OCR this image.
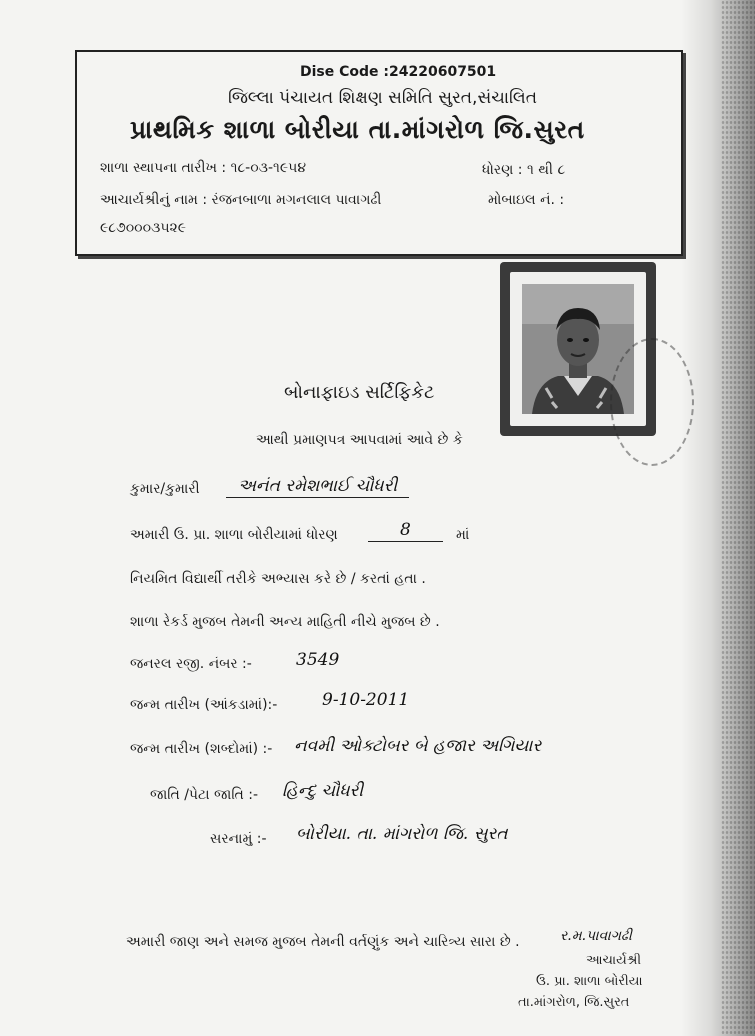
Dise Code :24220607501
જિલ્લા પંચાયત શિક્ષણ સમિતિ સુરત,સંચાલિત
પ્રાથમિક શાળા બોરીયા તા.માંગરોળ જિ.સુરત
શાળા સ્થાપના તારીખ : ૧૮-૦૩-૧૯૫૪	ધોરણ : ૧ થી ૮
આચાર્યશ્રીનું નામ : રંજનબાળા મગનલાલ પાવાગઢી	મોબાઇલ નં. :
૯૮૭૦૦૦૩૫૨૯
બોનાફાઇડ સર્ટિફિકેટ
આથી પ્રમાણપત્ર આપવામાં આવે છે કે
કુમાર/કુમારી	અનંત રમેશભાઈ ચૌધરી
અમારી ઉ. પ્રા. શાળા બોરીયામાં ધોરણ	8	માં
નિયમિત વિદ્યાર્થી તરીકે અભ્યાસ કરે છે / કરતાં હતા .
શાળા રેકર્ડ મુજબ તેમની અન્ય માહિતી નીચે મુજબ છે .
જનરલ રજી. નંબર :-	3549
જન્મ તારીખ (આંકડામાં):-	9-10-2011
જન્મ તારીખ (શબ્દોમાં) :- નવમી ઓક્ટોબર બે હજાર અગિયાર
જાતિ /પેટા જાતિ :- હિન્દુ ચૌધરી
સરનામું :- બોરીયા. તા. માંગરોળ જિ. સુરત
અમારી જાણ અને સમજ મુજબ તેમની વર્તણુંક અને ચારિત્ર્ય સારા છે .	ર.મ.પાવાગઢી
આચાર્યશ્રી
ઉ. પ્રા. શાળા બોરીયા
તા.માંગરોળ, જિ.સુરત
